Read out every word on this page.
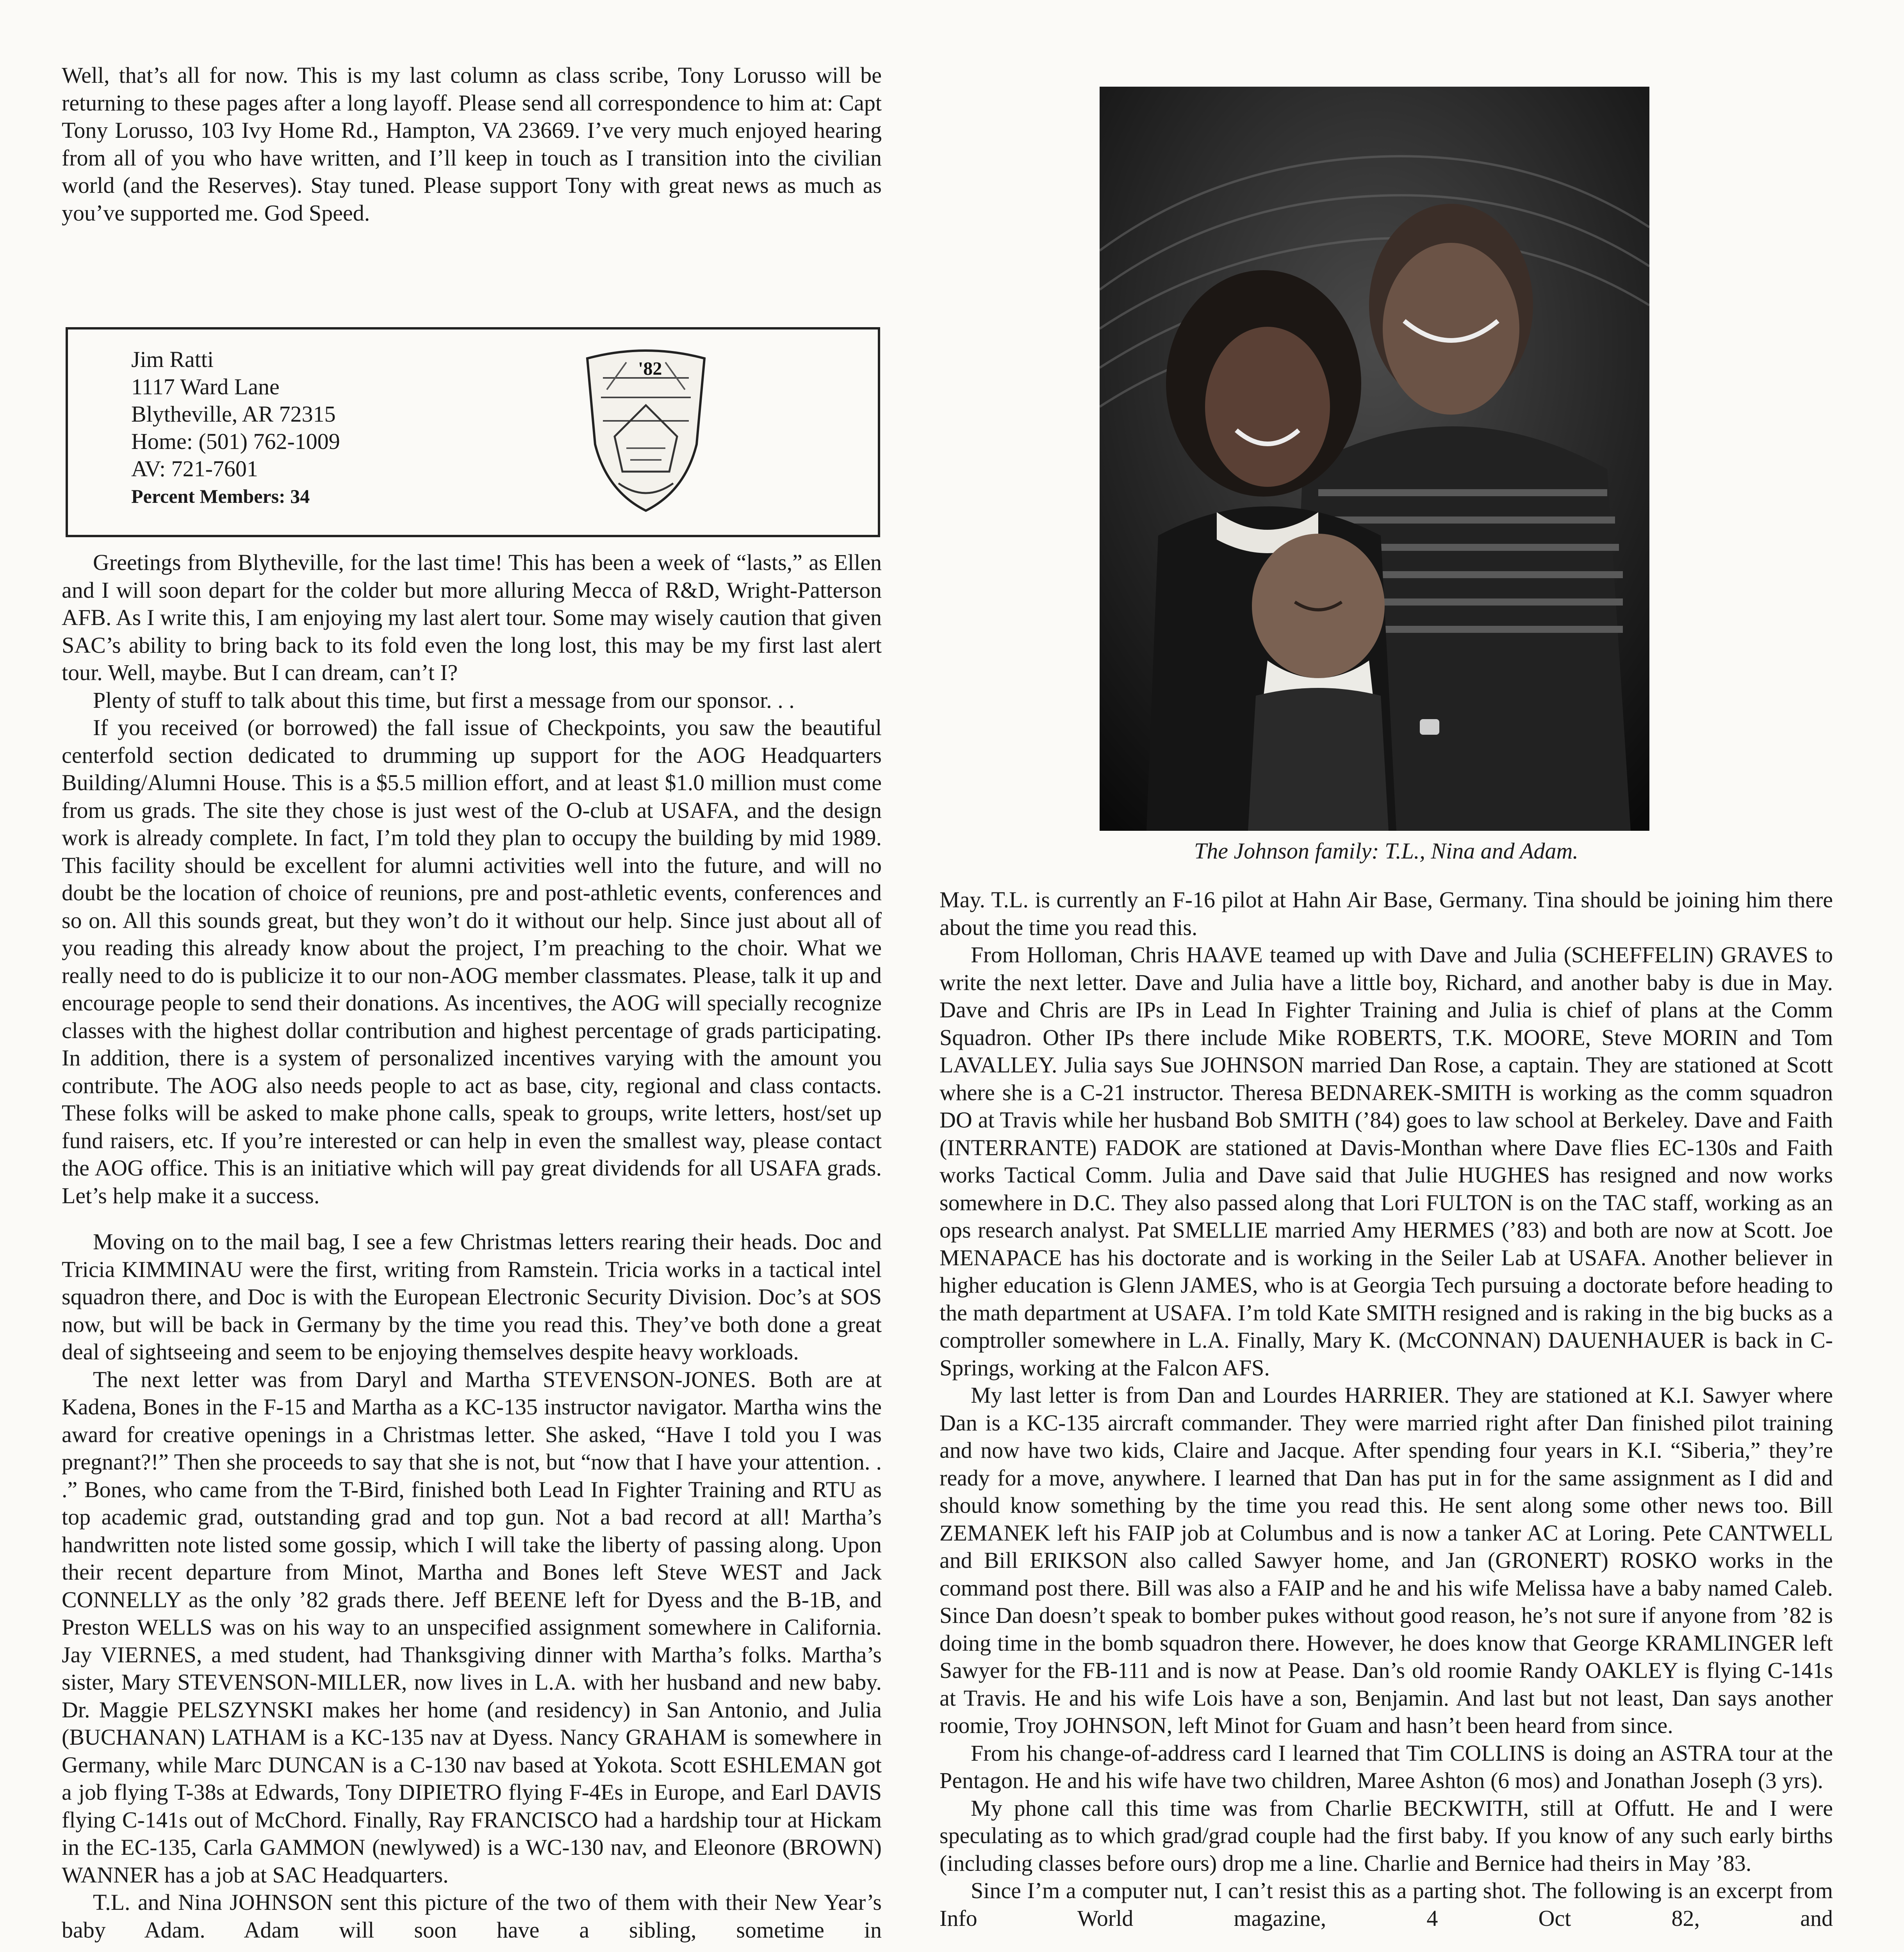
Well, that’s all for now. This is my last column as class scribe, Tony Lorusso will be returning to these pages after a long layoff. Please send all correspondence to him at: Capt Tony Lorusso, 103 Ivy Home Rd., Hampton, VA 23669. I’ve very much enjoyed hearing from all of you who have written, and I’ll keep in touch as I transition into the civilian world (and the Reserves). Stay tuned. Please support Tony with great news as much as you’ve supported me. God Speed.

Jim Ratti
1117 Ward Lane
Blytheville, AR 72315
Home: (501) 762-1009
AV: 721-7601
Percent Members: 34
'82

Greetings from Blytheville, for the last time! This has been a week of “lasts,” as Ellen and I will soon depart for the colder but more alluring Mecca of R&D, Wright-Patterson AFB. As I write this, I am enjoying my last alert tour. Some may wisely caution that given SAC’s ability to bring back to its fold even the long lost, this may be my first last alert tour. Well, maybe. But I can dream, can’t I?

Plenty of stuff to talk about this time, but first a message from our sponsor. . .

If you received (or borrowed) the fall issue of Checkpoints, you saw the beautiful centerfold section dedicated to drumming up support for the AOG Headquarters Building/Alumni House. This is a $5.5 million effort, and at least $1.0 million must come from us grads. The site they chose is just west of the O-club at USAFA, and the design work is already complete. In fact, I’m told they plan to occupy the building by mid 1989. This facility should be excellent for alumni activities well into the future, and will no doubt be the location of choice of reunions, pre and post-athletic events, conferences and so on. All this sounds great, but they won’t do it without our help. Since just about all of you reading this already know about the project, I’m preaching to the choir. What we really need to do is publicize it to our non-AOG member classmates. Please, talk it up and encourage people to send their donations. As incentives, the AOG will specially recognize classes with the highest dollar contribution and highest percentage of grads participating. In addition, there is a system of personalized incentives varying with the amount you contribute. The AOG also needs people to act as base, city, regional and class contacts. These folks will be asked to make phone calls, speak to groups, write letters, host/set up fund raisers, etc. If you’re interested or can help in even the smallest way, please contact the AOG office. This is an initiative which will pay great dividends for all USAFA grads. Let’s help make it a success.

Moving on to the mail bag, I see a few Christmas letters rearing their heads. Doc and Tricia KIMMINAU were the first, writing from Ramstein. Tricia works in a tactical intel squadron there, and Doc is with the European Electronic Security Division. Doc’s at SOS now, but will be back in Germany by the time you read this. They’ve both done a great deal of sightseeing and seem to be enjoying themselves despite heavy workloads.

The next letter was from Daryl and Martha STEVENSON-JONES. Both are at Kadena, Bones in the F-15 and Martha as a KC-135 instructor navigator. Martha wins the award for creative openings in a Christmas letter. She asked, “Have I told you I was pregnant?!” Then she proceeds to say that she is not, but “now that I have your attention. . .” Bones, who came from the T-Bird, finished both Lead In Fighter Training and RTU as top academic grad, outstanding grad and top gun. Not a bad record at all! Martha’s handwritten note listed some gossip, which I will take the liberty of passing along. Upon their recent departure from Minot, Martha and Bones left Steve WEST and Jack CONNELLY as the only ’82 grads there. Jeff BEENE left for Dyess and the B-1B, and Preston WELLS was on his way to an unspecified assignment somewhere in California. Jay VIERNES, a med student, had Thanksgiving dinner with Martha’s folks. Martha’s sister, Mary STEVENSON-MILLER, now lives in L.A. with her husband and new baby. Dr. Maggie PELSZYNSKI makes her home (and residency) in San Antonio, and Julia (BUCHANAN) LATHAM is a KC-135 nav at Dyess. Nancy GRAHAM is somewhere in Germany, while Marc DUNCAN is a C-130 nav based at Yokota. Scott ESHLEMAN got a job flying T-38s at Edwards, Tony DIPIETRO flying F-4Es in Europe, and Earl DAVIS flying C-141s out of McChord. Finally, Ray FRANCISCO had a hardship tour at Hickam in the EC-135, Carla GAMMON (newlywed) is a WC-130 nav, and Eleonore (BROWN) WANNER has a job at SAC Headquarters.

T.L. and Nina JOHNSON sent this picture of the two of them with their New Year’s baby Adam. Adam will soon have a sibling, sometime in

The Johnson family: T.L., Nina and Adam.

May. T.L. is currently an F-16 pilot at Hahn Air Base, Germany. Tina should be joining him there about the time you read this.

From Holloman, Chris HAAVE teamed up with Dave and Julia (SCHEFFELIN) GRAVES to write the next letter. Dave and Julia have a little boy, Richard, and another baby is due in May. Dave and Chris are IPs in Lead In Fighter Training and Julia is chief of plans at the Comm Squadron. Other IPs there include Mike ROBERTS, T.K. MOORE, Steve MORIN and Tom LAVALLEY. Julia says Sue JOHNSON married Dan Rose, a captain. They are stationed at Scott where she is a C-21 instructor. Theresa BEDNAREK-SMITH is working as the comm squadron DO at Travis while her husband Bob SMITH (’84) goes to law school at Berkeley. Dave and Faith (INTERRANTE) FADOK are stationed at Davis-Monthan where Dave flies EC-130s and Faith works Tactical Comm. Julia and Dave said that Julie HUGHES has resigned and now works somewhere in D.C. They also passed along that Lori FULTON is on the TAC staff, working as an ops research analyst. Pat SMELLIE married Amy HERMES (’83) and both are now at Scott. Joe MENAPACE has his doctorate and is working in the Seiler Lab at USAFA. Another believer in higher education is Glenn JAMES, who is at Georgia Tech pursuing a doctorate before heading to the math department at USAFA. I’m told Kate SMITH resigned and is raking in the big bucks as a comptroller somewhere in L.A. Finally, Mary K. (McCONNAN) DAUENHAUER is back in C-Springs, working at the Falcon AFS.

My last letter is from Dan and Lourdes HARRIER. They are stationed at K.I. Sawyer where Dan is a KC-135 aircraft commander. They were married right after Dan finished pilot training and now have two kids, Claire and Jacque. After spending four years in K.I. “Siberia,” they’re ready for a move, anywhere. I learned that Dan has put in for the same assignment as I did and should know something by the time you read this. He sent along some other news too. Bill ZEMANEK left his FAIP job at Columbus and is now a tanker AC at Loring. Pete CANTWELL and Bill ERIKSON also called Sawyer home, and Jan (GRONERT) ROSKO works in the command post there. Bill was also a FAIP and he and his wife Melissa have a baby named Caleb. Since Dan doesn’t speak to bomber pukes without good reason, he’s not sure if anyone from ’82 is doing time in the bomb squadron there. However, he does know that George KRAMLINGER left Sawyer for the FB-111 and is now at Pease. Dan’s old roomie Randy OAKLEY is flying C-141s at Travis. He and his wife Lois have a son, Benjamin. And last but not least, Dan says another roomie, Troy JOHNSON, left Minot for Guam and hasn’t been heard from since.

From his change-of-address card I learned that Tim COLLINS is doing an ASTRA tour at the Pentagon. He and his wife have two children, Maree Ashton (6 mos) and Jonathan Joseph (3 yrs).

My phone call this time was from Charlie BECKWITH, still at Offutt. He and I were speculating as to which grad/grad couple had the first baby. If you know of any such early births (including classes before ours) drop me a line. Charlie and Bernice had theirs in May ’83.

Since I’m a computer nut, I can’t resist this as a parting shot. The following is an excerpt from Info World magazine, 4 Oct 82, and
